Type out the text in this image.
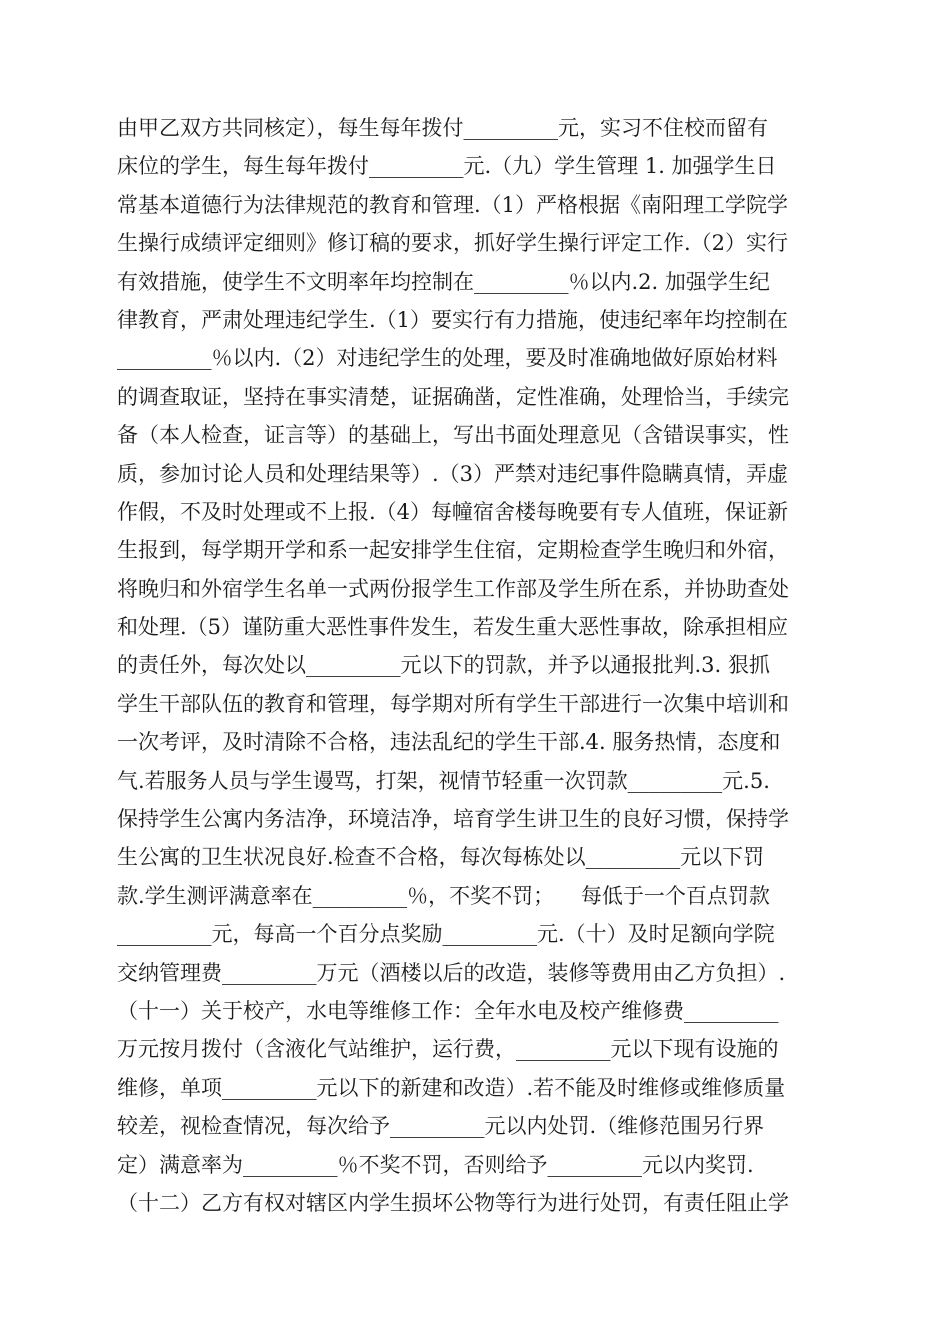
由甲乙双方共同核定），每生每年拨付_________元，实习不住校而留有
床位的学生，每生每年拨付_________元.（九）学生管理 1. 加强学生日
常基本道德行为法律规范的教育和管理.（1）严格根据《南阳理工学院学
生操行成绩评定细则》修订稿的要求，抓好学生操行评定工作.（2）实行
有效措施，使学生不文明率年均控制在_________％以内.2. 加强学生纪
律教育，严肃处理违纪学生.（1）要实行有力措施，使违纪率年均控制在
_________％以内.（2）对违纪学生的处理，要及时准确地做好原始材料
的调查取证，坚持在事实清楚，证据确凿，定性准确，处理恰当，手续完
备（本人检查，证言等）的基础上，写出书面处理意见（含错误事实，性
质，参加讨论人员和处理结果等）.（3）严禁对违纪事件隐瞒真情，弄虚
作假，不及时处理或不上报.（4）每幢宿舍楼每晚要有专人值班，保证新
生报到，每学期开学和系一起安排学生住宿，定期检查学生晚归和外宿，
将晚归和外宿学生名单一式两份报学生工作部及学生所在系，并协助查处
和处理.（5）谨防重大恶性事件发生，若发生重大恶性事故，除承担相应
的责任外，每次处以_________元以下的罚款，并予以通报批判.3. 狠抓
学生干部队伍的教育和管理，每学期对所有学生干部进行一次集中培训和
一次考评，及时清除不合格，违法乱纪的学生干部.4. 服务热情，态度和
气.若服务人员与学生谩骂，打架，视情节轻重一次罚款_________元.5.
保持学生公寓内务洁净，环境洁净，培育学生讲卫生的良好习惯，保持学
生公寓的卫生状况良好.检查不合格，每次每栋处以_________元以下罚
款.学生测评满意率在_________％，不奖不罚；    每低于一个百点罚款
_________元，每高一个百分点奖励_________元.（十）及时足额向学院
交纳管理费_________万元（酒楼以后的改造，装修等费用由乙方负担）.
（十一）关于校产，水电等维修工作：全年水电及校产维修费_________
万元按月拨付（含液化气站维护，运行费，_________元以下现有设施的
维修，单项_________元以下的新建和改造）.若不能及时维修或维修质量
较差，视检查情况，每次给予_________元以内处罚.（维修范围另行界
定）满意率为_________％不奖不罚，否则给予_________元以内奖罚.
（十二）乙方有权对辖区内学生损坏公物等行为进行处罚，有责任阻止学
